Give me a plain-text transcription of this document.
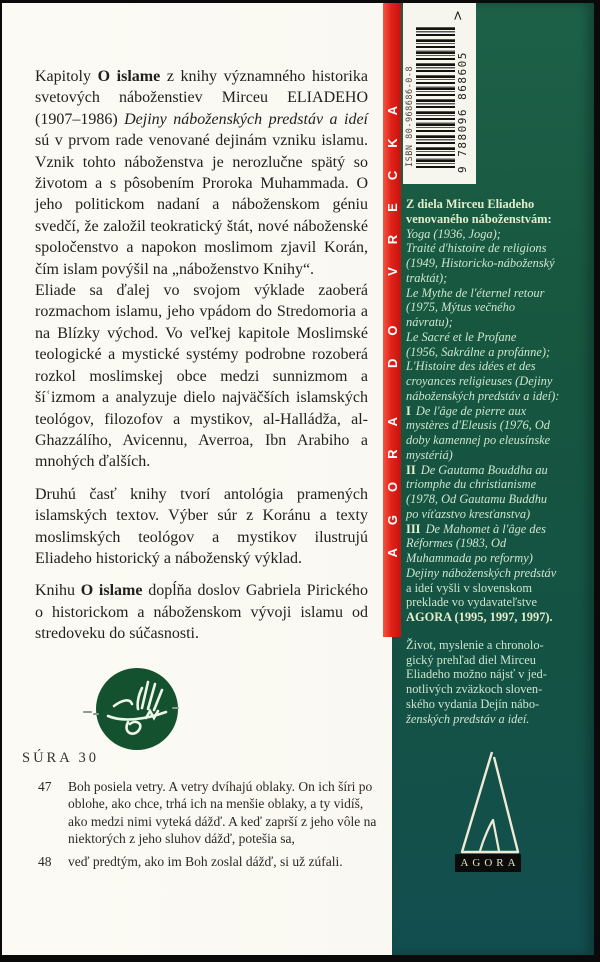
AGORA DO VRECKA ISBN 80-968686-0-8	9 788096 868605
>

Kapitoly O islame z knihy významného historika svetových náboženstiev Mirceu ELIADEHO (1907–1986) Dejiny náboženských predstáv a ideí sú v prvom rade venované dejinám vzniku islamu. Vznik tohto náboženstva je nerozlučne spätý so životom a s pôsobením Proroka Muhammada. O jeho politickom nadaní a náboženskom géniu svedčí, že založil teokratický štát, nové náboženské spoločenstvo a napokon moslimom zjavil Korán, čím islam povýšil na „náboženstvo Knihy“.

Eliade sa ďalej vo svojom výklade zaoberá rozmachom islamu, jeho vpádom do Stredomoria a na Blízky východ. Vo veľkej kapitole Moslimské teologické a mystické systémy podrobne rozoberá rozkol moslimskej obce medzi sunnizmom a šíʿizmom a analyzuje dielo najväčších islamských teológov, filozofov a mystikov, al-Halládža, al-Ghazzálího, Avicennu, Averroa, Ibn Arabiho a mnohých ďalších.

Druhú časť knihy tvorí antológia pramených islamských textov. Výber súr z Koránu a texty moslimských teológov a mystikov ilustrujú Eliadeho historický a náboženský výklad.

Knihu O islame dopĺňa doslov Gabriela Pirického o historickom a náboženskom vývoji islamu od stredoveku do súčasnosti.

SÚRA 30
47	Boh posiela vetry. A vetry dvíhajú oblaky. On ich šíri po oblohe, ako chce, trhá ich na menšie oblaky, a ty vidíš, ako medzi nimi vyteká dážď. A keď zaprší z jeho vôle na niektorých z jeho sluhov dážď, potešia sa,
48	veď predtým, ako im Boh zoslal dážď, si už zúfali.
Z diela Mirceu Eliadeho
venovaného náboženstvám:
Yoga (1936, Joga);
Traité d'histoire de religions
(1949, Historicko-náboženský
traktát);
Le Mythe de l'éternel retour
(1975, Mýtus večného
návratu);
Le Sacré et le Profane
(1956, Sakrálne a profánne);
L'Histoire des idées et des
croyances religieuses (Dejiny
náboženských predstáv a ideí):
I De l'âge de pierre aux
mystères d'Eleusis (1976, Od
doby kamennej po eleusínske
mystériá)
II De Gautama Bouddha au
triomphe du christianisme
(1978, Od Gautamu Buddhu
po víťazstvo kresťanstva)
III De Mahomet à l'âge des
Réformes (1983, Od
Muhammada po reformy)
Dejiny náboženských predstáv
a ideí vyšli v slovenskom
preklade vo vydavateľstve
AGORA (1995, 1997, 1997).
Život, myslenie a chronolo-
gický prehľad diel Mirceu
Eliadeho možno nájsť v jed-
notlivých zväzkoch sloven-
ského vydania Dejín nábo-
ženských predstáv a ideí.
AGORA
